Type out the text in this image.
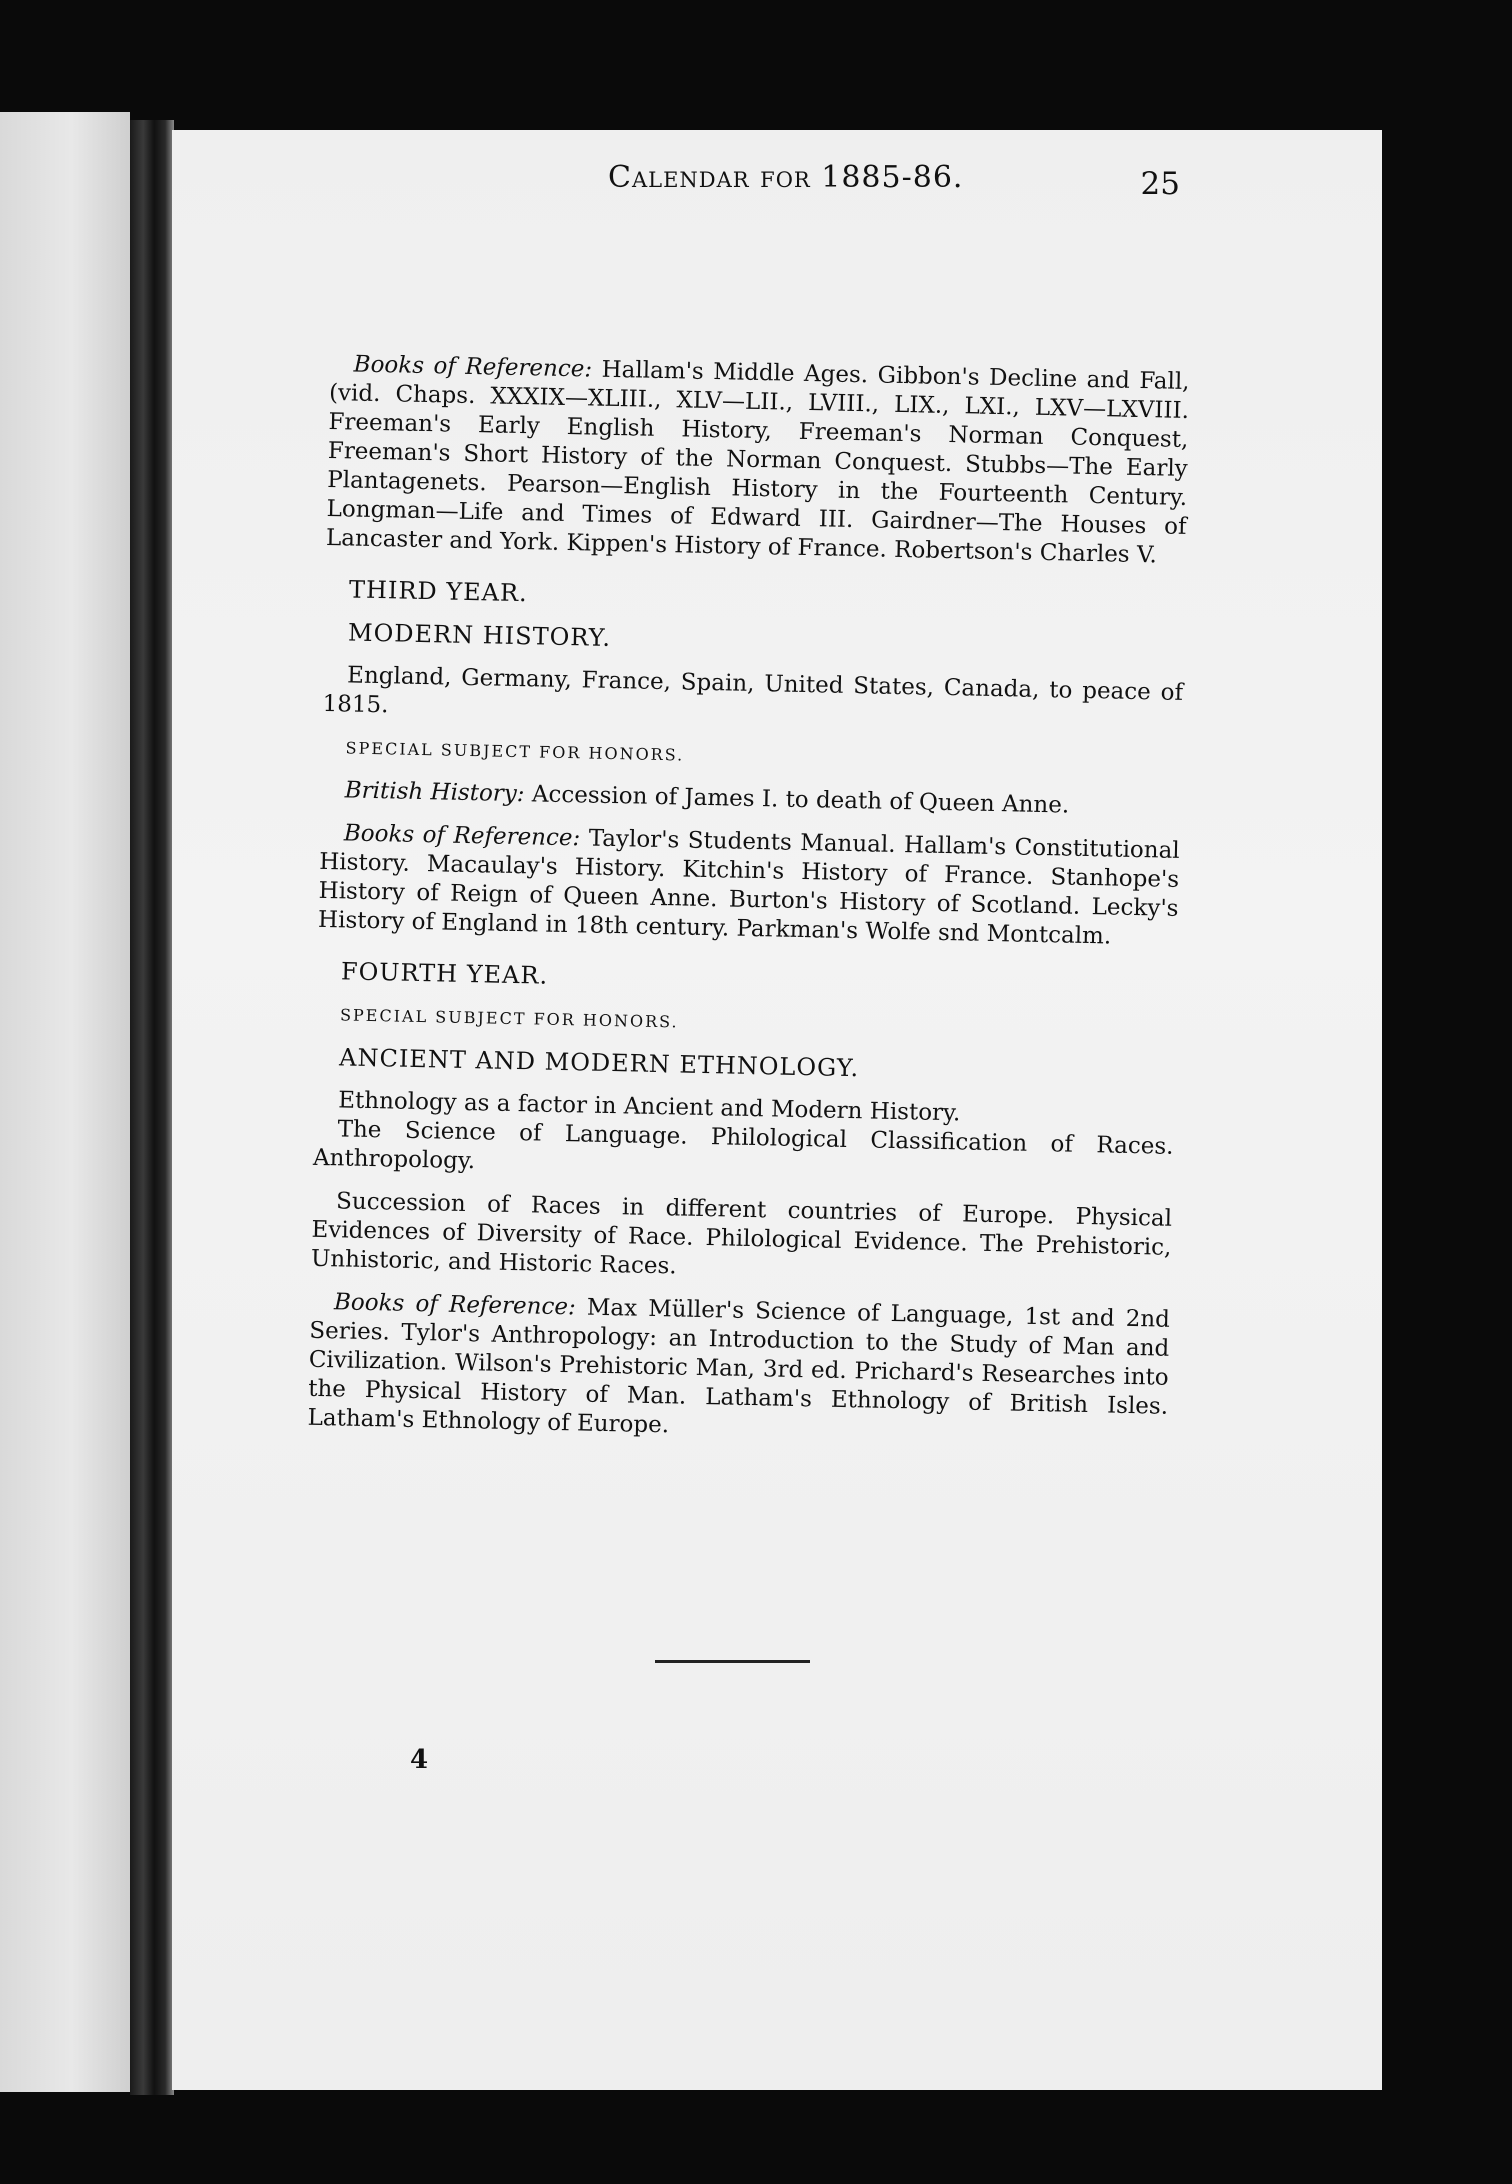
Calendar for 1885-86.	25

Books of Reference: Hallam's Middle Ages. Gibbon's Decline and Fall, (vid. Chaps. XXXIX—XLIII., XLV—LII., LVIII., LIX., LXI., LXV—LXVIII. Freeman's Early English History, Freeman's Norman Conquest, Freeman's Short History of the Norman Conquest. Stubbs—The Early Plantagenets. Pearson—English History in the Fourteenth Century. Longman—Life and Times of Edward III. Gairdner—The Houses of Lancaster and York. Kippen's History of France. Robertson's Charles V.

THIRD YEAR.

MODERN HISTORY.

England, Germany, France, Spain, United States, Canada, to peace of 1815.

SPECIAL SUBJECT FOR HONORS.

British History: Accession of James I. to death of Queen Anne.

Books of Reference: Taylor's Students Manual. Hallam's Constitutional History. Macaulay's History. Kitchin's History of France. Stanhope's History of Reign of Queen Anne. Burton's History of Scotland. Lecky's History of England in 18th century. Parkman's Wolfe snd Montcalm.

FOURTH YEAR.

SPECIAL SUBJECT FOR HONORS.

ANCIENT AND MODERN ETHNOLOGY.

Ethnology as a factor in Ancient and Modern History.

The Science of Language. Philological Classification of Races. Anthropology.

Succession of Races in different countries of Europe. Physical Evidences of Diversity of Race. Philological Evidence. The Prehistoric, Unhistoric, and Historic Races.

Books of Reference: Max Müller's Science of Language, 1st and 2nd Series. Tylor's Anthropology: an Introduction to the Study of Man and Civilization. Wilson's Prehistoric Man, 3rd ed. Prichard's Researches into the Physical History of Man. Latham's Ethnology of British Isles. Latham's Ethnology of Europe.

4
